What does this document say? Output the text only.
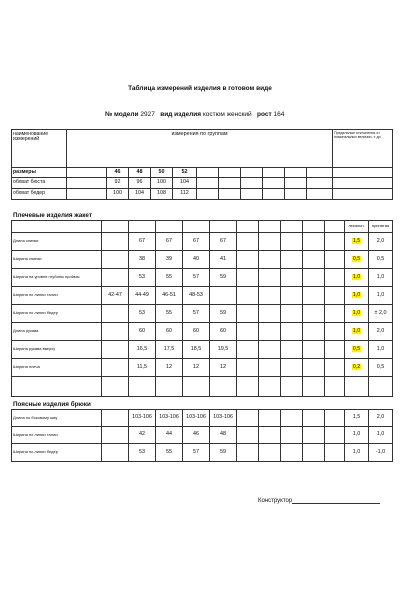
Таблица измерений изделия в готовом виде
№ модели 2927 вид изделия костюм женский рост 164
наименование измерений	измерения по группам											Предельные отклонения от номинальных величин, ± до
размеры		46	48	50	52							
обхват бюста		92	96	100	104							
обхват бедер		100	104	108	112							
Плечевые изделия жакет
											лекальн.	принятая
Длина спинки		67	67	67	67						1,5	2,0
Ширина спинки		38	39	40	41						0,5	0,5
Ширина на уровне глубины проймы		53	55	57	59						1,0	1,0
Ширина по линии талии	42-47	44-49	46-51	48-53							1,0	1,0
Ширина по линии бедер		53	55	57	59						1,0	± 2,0
Длина рукава		60	60	60	60						1,0	2,0
Ширина рукава вверху		16,5	17,5	18,5	19,5						0,5	1,0
Ширина плеча		11,5	12	12	12						0,2	0,5

Поясные изделия брюки
Длина по боковому шву		103-106	103-106	103-106	103-106						1,5	2,0
Ширина по линии талии		42	44	46	48						1,0	1,0
Ширина по линии бедер		53	55	57	59						1,0	-1,0
Конструктор
